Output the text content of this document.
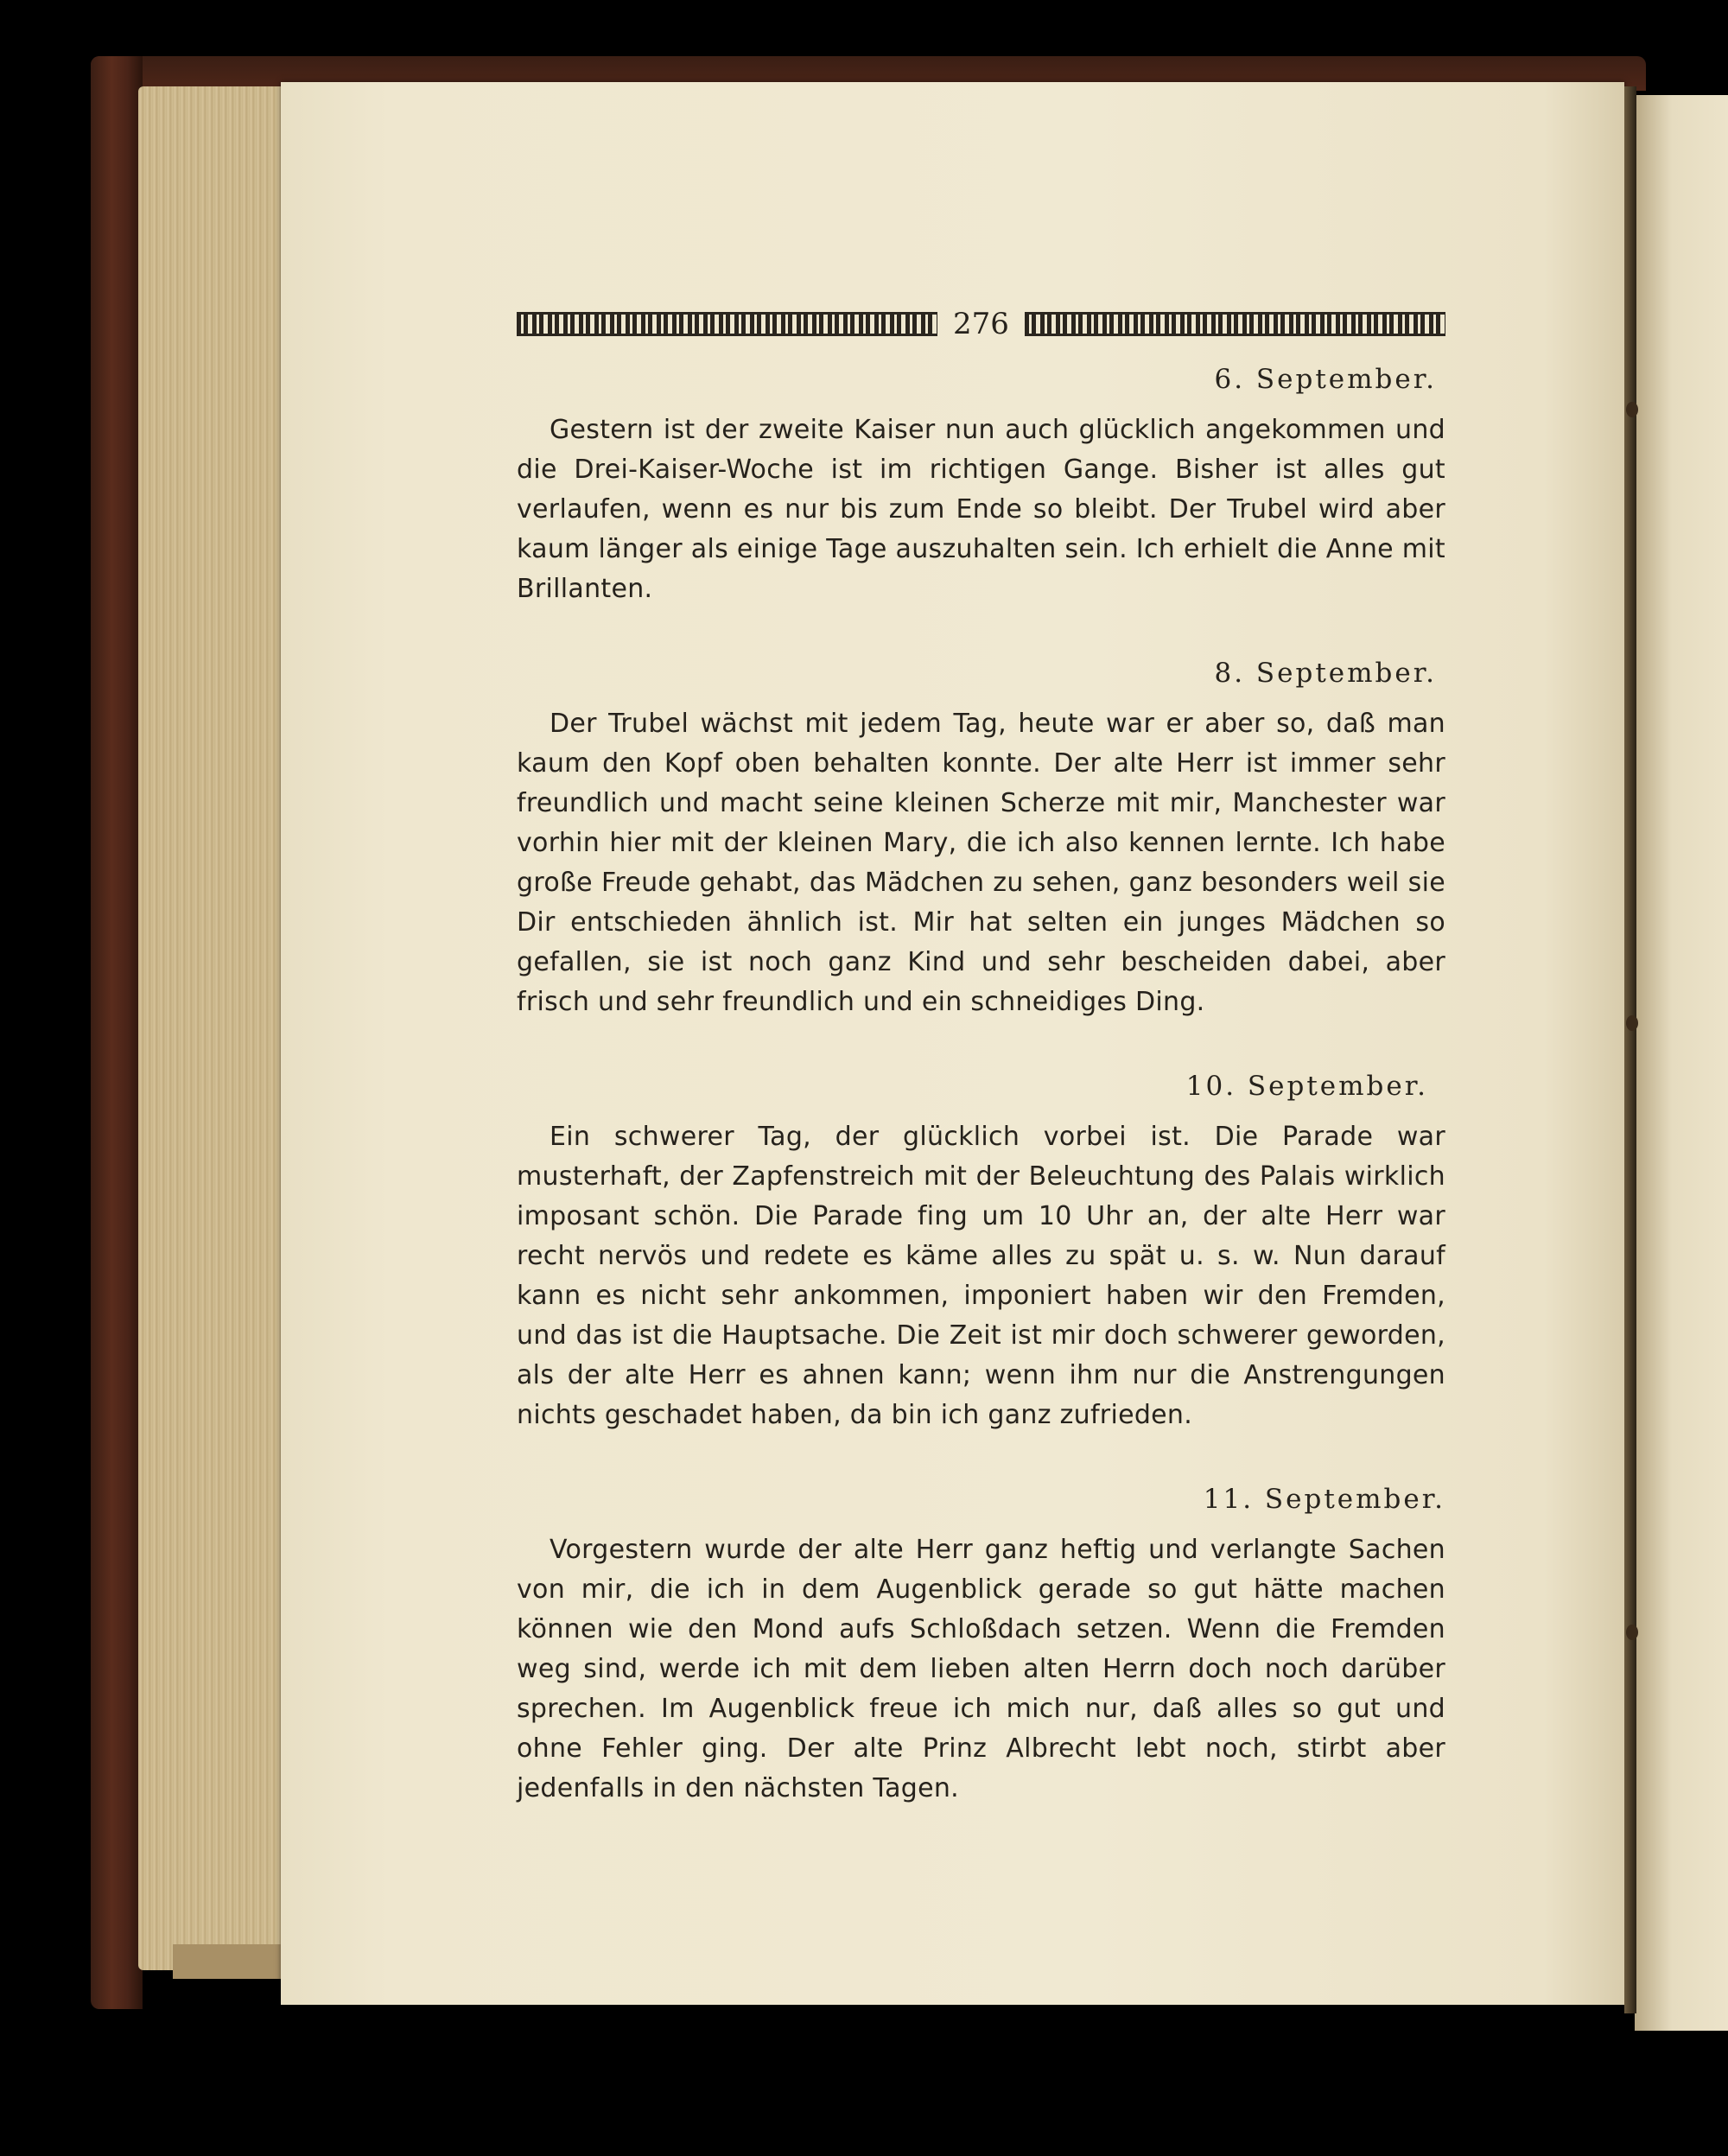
276

6. September.

Gestern ist der zweite Kaiser nun auch glücklich angekommen und die Drei-Kaiser-Woche ist im richtigen Gange. Bisher ist alles gut verlaufen, wenn es nur bis zum Ende so bleibt. Der Trubel wird aber kaum länger als einige Tage auszuhalten sein. Ich erhielt die Anne mit Brillanten.

8. September.

Der Trubel wächst mit jedem Tag, heute war er aber so, daß man kaum den Kopf oben behalten konnte. Der alte Herr ist immer sehr freundlich und macht seine kleinen Scherze mit mir, Manchester war vorhin hier mit der kleinen Mary, die ich also kennen lernte. Ich habe große Freude gehabt, das Mädchen zu sehen, ganz besonders weil sie Dir entschieden ähnlich ist. Mir hat selten ein junges Mädchen so gefallen, sie ist noch ganz Kind und sehr bescheiden dabei, aber frisch und sehr freundlich und ein schneidiges Ding.

10. September.

Ein schwerer Tag, der glücklich vorbei ist. Die Parade war musterhaft, der Zapfenstreich mit der Beleuchtung des Palais wirklich imposant schön. Die Parade fing um 10 Uhr an, der alte Herr war recht nervös und redete es käme alles zu spät u. s. w. Nun darauf kann es nicht sehr ankommen, imponiert haben wir den Fremden, und das ist die Hauptsache. Die Zeit ist mir doch schwerer geworden, als der alte Herr es ahnen kann; wenn ihm nur die Anstrengungen nichts geschadet haben, da bin ich ganz zufrieden.

11. September.

Vorgestern wurde der alte Herr ganz heftig und verlangte Sachen von mir, die ich in dem Augenblick gerade so gut hätte machen können wie den Mond aufs Schloßdach setzen. Wenn die Fremden weg sind, werde ich mit dem lieben alten Herrn doch noch darüber sprechen. Im Augenblick freue ich mich nur, daß alles so gut und ohne Fehler ging. Der alte Prinz Albrecht lebt noch, stirbt aber jedenfalls in den nächsten Tagen.
